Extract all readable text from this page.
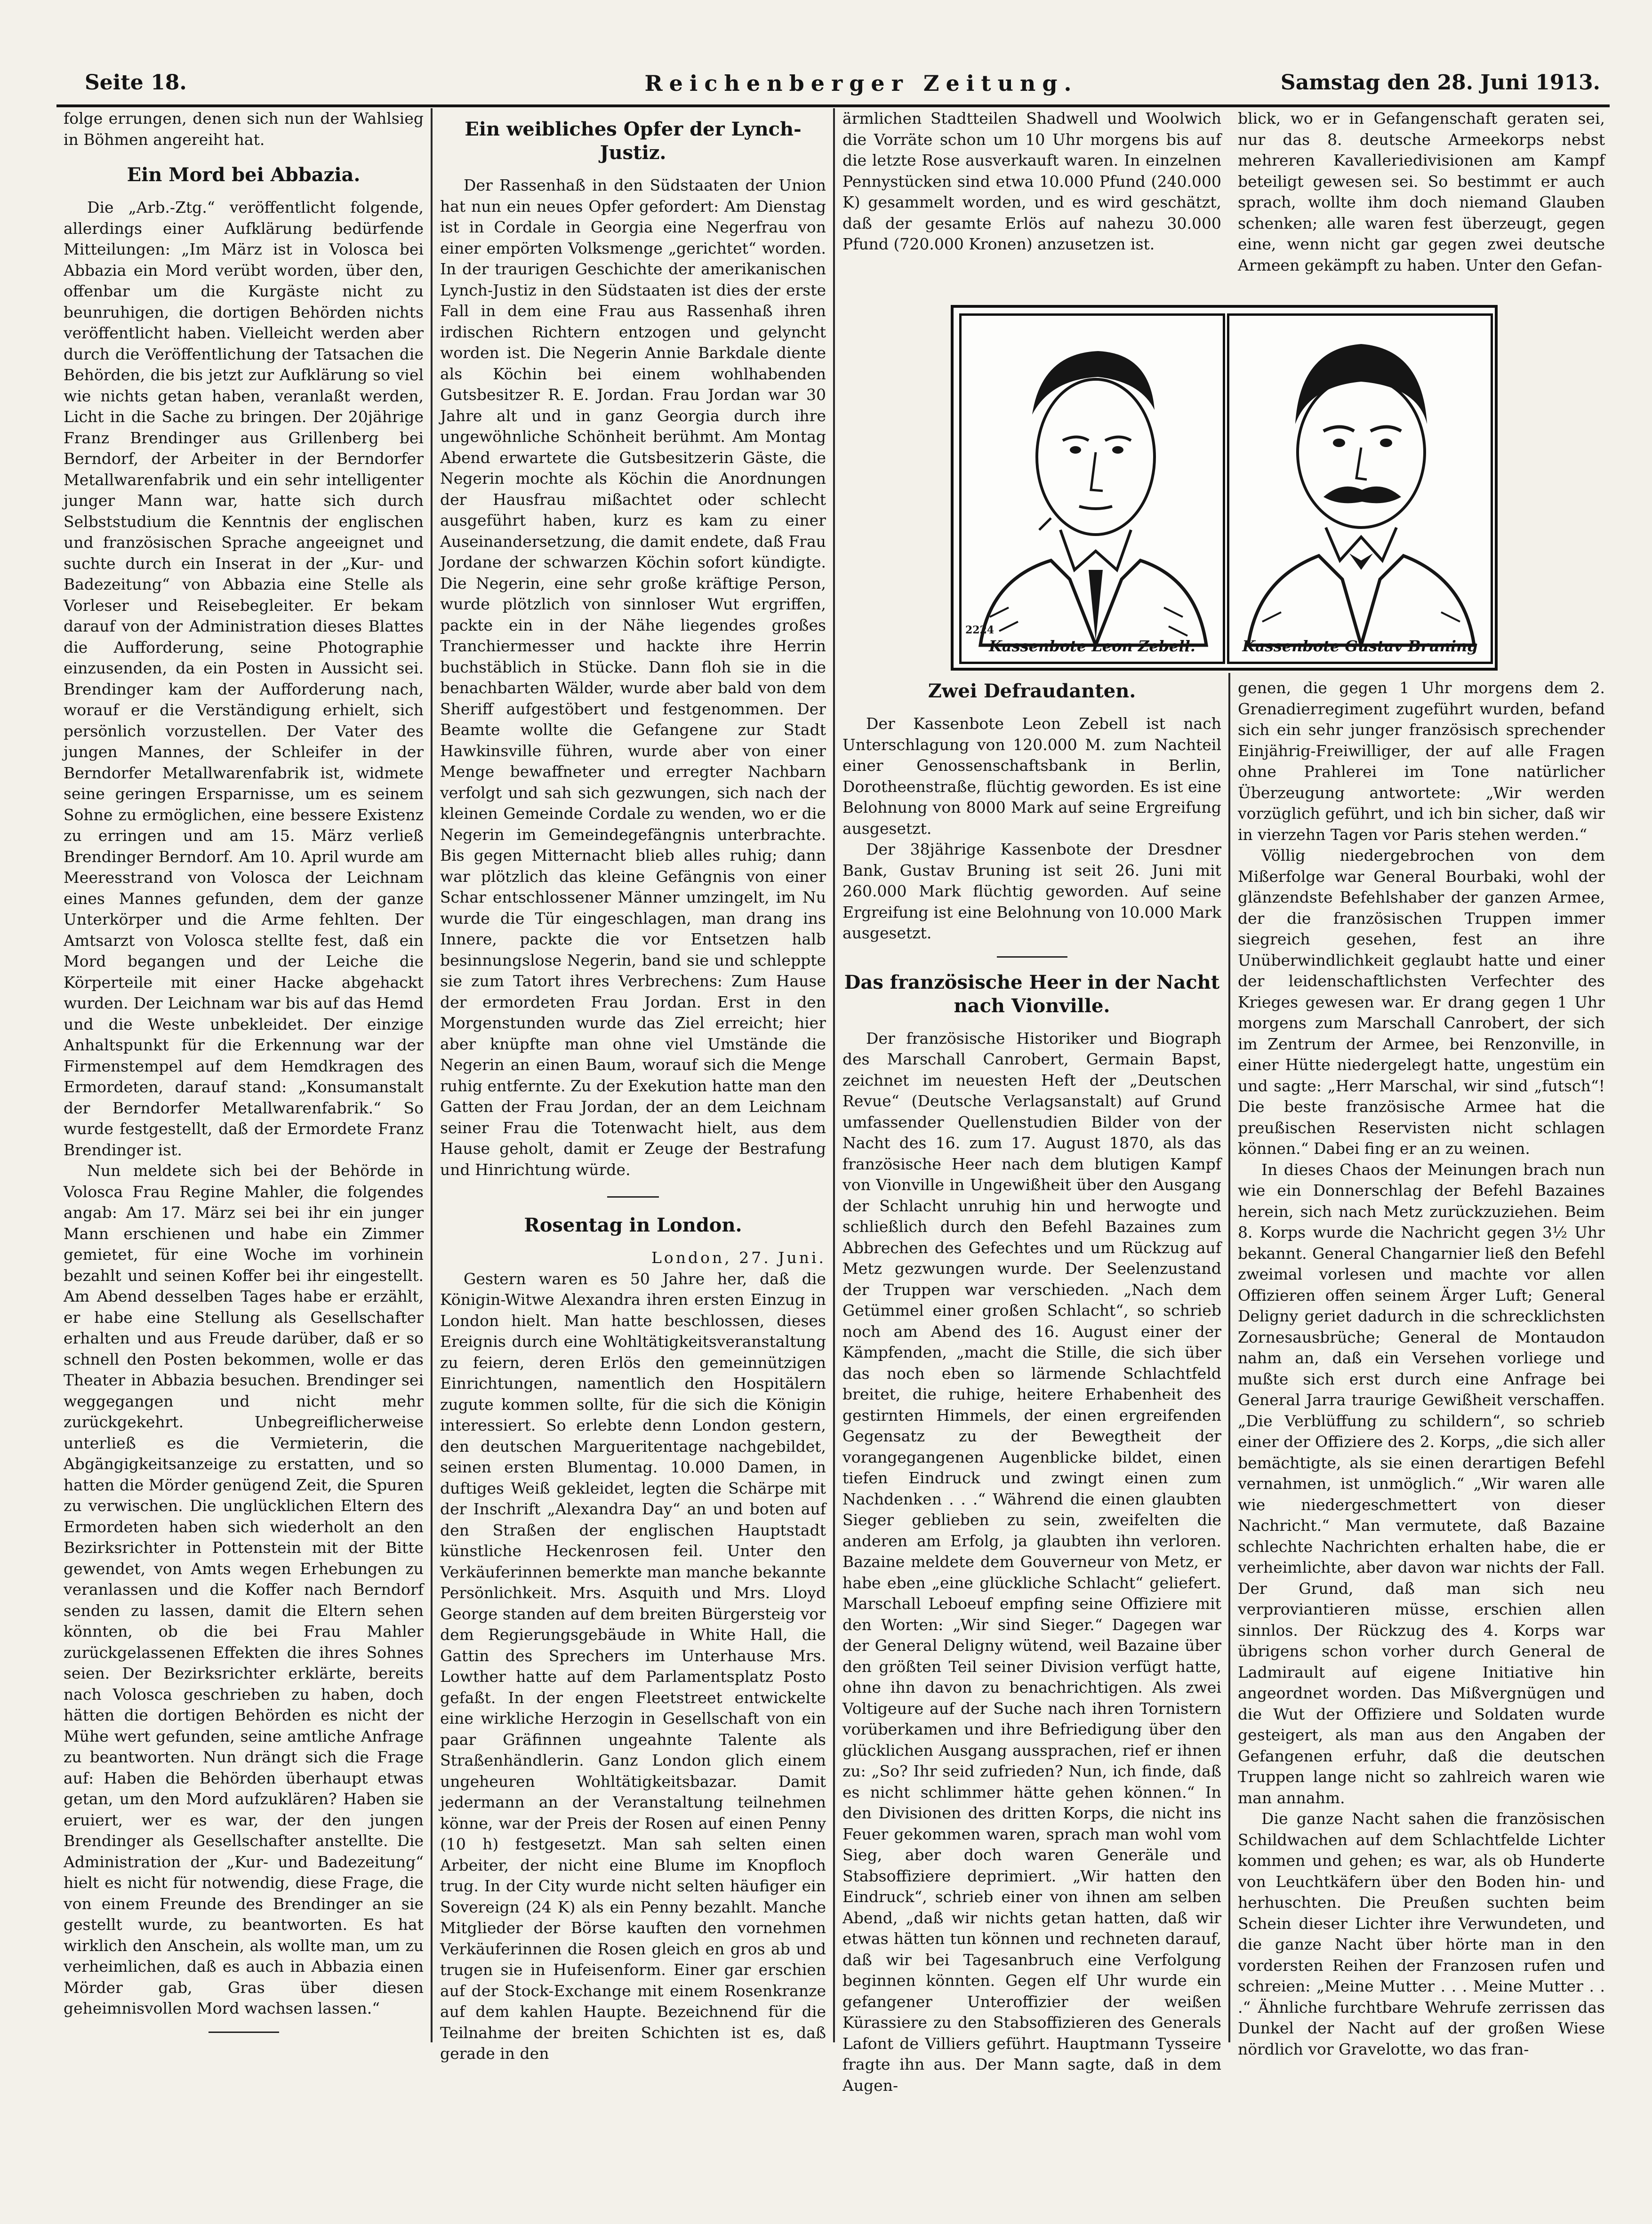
Seite 18.	Reichenberger Zeitung.	Samstag den 28. Juni 1913.

folge errungen, denen sich nun der Wahlsieg in Böhmen angereiht hat.

Ein Mord bei Abbazia.

Die „Arb.-Ztg.“ veröffentlicht folgende, allerdings einer Aufklärung bedürfende Mitteilungen: „Im März ist in Volosca bei Abbazia ein Mord verübt worden, über den, offenbar um die Kurgäste nicht zu beunruhigen, die dortigen Behörden nichts veröffentlicht haben. Vielleicht werden aber durch die Veröffentlichung der Tatsachen die Behörden, die bis jetzt zur Aufklärung so viel wie nichts getan haben, veranlaßt werden, Licht in die Sache zu bringen. Der 20jährige Franz Brendinger aus Grillenberg bei Berndorf, der Arbeiter in der Berndorfer Metallwarenfabrik und ein sehr intelligenter junger Mann war, hatte sich durch Selbststudium die Kenntnis der englischen und französischen Sprache angeeignet und suchte durch ein Inserat in der „Kur- und Badezeitung“ von Abbazia eine Stelle als Vorleser und Reisebegleiter. Er bekam darauf von der Administration dieses Blattes die Aufforderung, seine Photographie einzusenden, da ein Posten in Aussicht sei. Brendinger kam der Aufforderung nach, worauf er die Verständigung erhielt, sich persönlich vorzustellen. Der Vater des jungen Mannes, der Schleifer in der Berndorfer Metallwarenfabrik ist, widmete seine geringen Ersparnisse, um es seinem Sohne zu ermöglichen, eine bessere Existenz zu erringen und am 15. März verließ Brendinger Berndorf. Am 10. April wurde am Meeresstrand von Volosca der Leichnam eines Mannes gefunden, dem der ganze Unterkörper und die Arme fehlten. Der Amtsarzt von Volosca stellte fest, daß ein Mord begangen und der Leiche die Körperteile mit einer Hacke abgehackt wurden. Der Leichnam war bis auf das Hemd und die Weste unbekleidet. Der einzige Anhaltspunkt für die Erkennung war der Firmenstempel auf dem Hemdkragen des Ermordeten, darauf stand: „Konsumanstalt der Berndorfer Metallwarenfabrik.“ So wurde festgestellt, daß der Ermordete Franz Brendinger ist.

Nun meldete sich bei der Behörde in Volosca Frau Regine Mahler, die folgendes angab: Am 17. März sei bei ihr ein junger Mann erschienen und habe ein Zimmer gemietet, für eine Woche im vorhinein bezahlt und seinen Koffer bei ihr eingestellt. Am Abend desselben Tages habe er erzählt, er habe eine Stellung als Gesellschafter erhalten und aus Freude darüber, daß er so schnell den Posten bekommen, wolle er das Theater in Abbazia besuchen. Brendinger sei weggegangen und nicht mehr zurückgekehrt. Unbegreiflicherweise unterließ es die Vermieterin, die Abgängigkeitsanzeige zu erstatten, und so hatten die Mörder genügend Zeit, die Spuren zu verwischen. Die unglücklichen Eltern des Ermordeten haben sich wiederholt an den Bezirksrichter in Pottenstein mit der Bitte gewendet, von Amts wegen Erhebungen zu veranlassen und die Koffer nach Berndorf senden zu lassen, damit die Eltern sehen könnten, ob die bei Frau Mahler zurückgelassenen Effekten die ihres Sohnes seien. Der Bezirksrichter erklärte, bereits nach Volosca geschrieben zu haben, doch hätten die dortigen Behörden es nicht der Mühe wert gefunden, seine amtliche Anfrage zu beantworten. Nun drängt sich die Frage auf: Haben die Behörden überhaupt etwas getan, um den Mord aufzuklären? Haben sie eruiert, wer es war, der den jungen Brendinger als Gesellschafter anstellte. Die Administration der „Kur- und Badezeitung“ hielt es nicht für notwendig, diese Frage, die von einem Freunde des Brendinger an sie gestellt wurde, zu beantworten. Es hat wirklich den Anschein, als wollte man, um zu verheimlichen, daß es auch in Abbazia einen Mörder gab, Gras über diesen geheimnisvollen Mord wachsen lassen.“

Ein weibliches Opfer der Lynch-Justiz.

Der Rassenhaß in den Südstaaten der Union hat nun ein neues Opfer gefordert: Am Dienstag ist in Cordale in Georgia eine Negerfrau von einer empörten Volksmenge „gerichtet“ worden. In der traurigen Geschichte der amerikanischen Lynch-Justiz in den Südstaaten ist dies der erste Fall in dem eine Frau aus Rassenhaß ihren irdischen Richtern entzogen und gelyncht worden ist. Die Negerin Annie Barkdale diente als Köchin bei einem wohlhabenden Gutsbesitzer R. E. Jordan. Frau Jordan war 30 Jahre alt und in ganz Georgia durch ihre ungewöhnliche Schönheit berühmt. Am Montag Abend erwartete die Gutsbesitzerin Gäste, die Negerin mochte als Köchin die Anordnungen der Hausfrau mißachtet oder schlecht ausgeführt haben, kurz es kam zu einer Auseinandersetzung, die damit endete, daß Frau Jordane der schwarzen Köchin sofort kündigte. Die Negerin, eine sehr große kräftige Person, wurde plötzlich von sinnloser Wut ergriffen, packte ein in der Nähe liegendes großes Tranchiermesser und hackte ihre Herrin buchstäblich in Stücke. Dann floh sie in die benachbarten Wälder, wurde aber bald von dem Sheriff aufgestöbert und festgenommen. Der Beamte wollte die Gefangene zur Stadt Hawkinsville führen, wurde aber von einer Menge bewaffneter und erregter Nachbarn verfolgt und sah sich gezwungen, sich nach der kleinen Gemeinde Cordale zu wenden, wo er die Negerin im Gemeindegefängnis unterbrachte. Bis gegen Mitternacht blieb alles ruhig; dann war plötzlich das kleine Gefängnis von einer Schar entschlossener Männer umzingelt, im Nu wurde die Tür eingeschlagen, man drang ins Innere, packte die vor Entsetzen halb besinnungslose Negerin, band sie und schleppte sie zum Tatort ihres Verbrechens: Zum Hause der ermordeten Frau Jordan. Erst in den Morgenstunden wurde das Ziel erreicht; hier aber knüpfte man ohne viel Umstände die Negerin an einen Baum, worauf sich die Menge ruhig entfernte. Zu der Exekution hatte man den Gatten der Frau Jordan, der an dem Leichnam seiner Frau die Totenwacht hielt, aus dem Hause geholt, damit er Zeuge der Bestrafung und Hinrichtung würde.

Rosentag in London.

London, 27. Juni.

Gestern waren es 50 Jahre her, daß die Königin-Witwe Alexandra ihren ersten Einzug in London hielt. Man hatte beschlossen, dieses Ereignis durch eine Wohltätigkeitsveranstaltung zu feiern, deren Erlös den gemeinnützigen Einrichtungen, namentlich den Hospitälern zugute kommen sollte, für die sich die Königin interessiert. So erlebte denn London gestern, den deutschen Margueritentage nachgebildet, seinen ersten Blumentag. 10.000 Damen, in duftiges Weiß gekleidet, legten die Schärpe mit der Inschrift „Alexandra Day“ an und boten auf den Straßen der englischen Hauptstadt künstliche Heckenrosen feil. Unter den Verkäuferinnen bemerkte man manche bekannte Persönlichkeit. Mrs. Asquith und Mrs. Lloyd George standen auf dem breiten Bürgersteig vor dem Regierungsgebäude in White Hall, die Gattin des Sprechers im Unterhause Mrs. Lowther hatte auf dem Parlamentsplatz Posto gefaßt. In der engen Fleetstreet entwickelte eine wirkliche Herzogin in Gesellschaft von ein paar Gräfinnen ungeahnte Talente als Straßenhändlerin. Ganz London glich einem ungeheuren Wohltätigkeitsbazar. Damit jedermann an der Veranstaltung teilnehmen könne, war der Preis der Rosen auf einen Penny (10 h) festgesetzt. Man sah selten einen Arbeiter, der nicht eine Blume im Knopfloch trug. In der City wurde nicht selten häufiger ein Sovereign (24 K) als ein Penny bezahlt. Manche Mitglieder der Börse kauften den vornehmen Verkäuferinnen die Rosen gleich en gros ab und trugen sie in Hufeisenform. Einer gar erschien auf der Stock-Exchange mit einem Rosenkranze auf dem kahlen Haupte. Bezeichnend für die Teilnahme der breiten Schichten ist es, daß gerade in den

ärmlichen Stadtteilen Shadwell und Woolwich die Vorräte schon um 10 Uhr morgens bis auf die letzte Rose ausverkauft waren. In einzelnen Pennystücken sind etwa 10.000 Pfund (240.000 K) gesammelt worden, und es wird geschätzt, daß der gesamte Erlös auf nahezu 30.000 Pfund (720.000 Kronen) anzusetzen ist.

blick, wo er in Gefangenschaft geraten sei, nur das 8. deutsche Armeekorps nebst mehreren Kavalleriedivisionen am Kampf beteiligt gewesen sei. So bestimmt er auch sprach, wollte ihm doch niemand Glauben schenken; alle waren fest überzeugt, gegen eine, wenn nicht gar gegen zwei deutsche Armeen gekämpft zu haben. Unter den Gefan-

2224
Kassenbote Leon Zebell.	Kassenbote Gustav Bruning
Zwei Defraudanten.

Der Kassenbote Leon Zebell ist nach Unterschlagung von 120.000 M. zum Nachteil einer Genossenschaftsbank in Berlin, Dorotheenstraße, flüchtig geworden. Es ist eine Belohnung von 8000 Mark auf seine Ergreifung ausgesetzt.

Der 38jährige Kassenbote der Dresdner Bank, Gustav Bruning ist seit 26. Juni mit 260.000 Mark flüchtig geworden. Auf seine Ergreifung ist eine Belohnung von 10.000 Mark ausgesetzt.

Das französische Heer in der Nacht nach Vionville.

Der französische Historiker und Biograph des Marschall Canrobert, Germain Bapst, zeichnet im neuesten Heft der „Deutschen Revue“ (Deutsche Verlagsanstalt) auf Grund umfassender Quellenstudien Bilder von der Nacht des 16. zum 17. August 1870, als das französische Heer nach dem blutigen Kampf von Vionville in Ungewißheit über den Ausgang der Schlacht unruhig hin und herwogte und schließlich durch den Befehl Bazaines zum Abbrechen des Gefechtes und um Rückzug auf Metz gezwungen wurde. Der Seelenzustand der Truppen war verschieden. „Nach dem Getümmel einer großen Schlacht“, so schrieb noch am Abend des 16. August einer der Kämpfenden, „macht die Stille, die sich über das noch eben so lärmende Schlachtfeld breitet, die ruhige, heitere Erhabenheit des gestirnten Himmels, der einen ergreifenden Gegensatz zu der Bewegtheit der vorangegangenen Augenblicke bildet, einen tiefen Eindruck und zwingt einen zum Nachdenken . . .“ Während die einen glaubten Sieger geblieben zu sein, zweifelten die anderen am Erfolg, ja glaubten ihn verloren. Bazaine meldete dem Gouverneur von Metz, er habe eben „eine glückliche Schlacht“ geliefert. Marschall Leboeuf empfing seine Offiziere mit den Worten: „Wir sind Sieger.“ Dagegen war der General Deligny wütend, weil Bazaine über den größten Teil seiner Division verfügt hatte, ohne ihn davon zu benachrichtigen. Als zwei Voltigeure auf der Suche nach ihren Tornistern vorüberkamen und ihre Befriedigung über den glücklichen Ausgang aussprachen, rief er ihnen zu: „So? Ihr seid zufrieden? Nun, ich finde, daß es nicht schlimmer hätte gehen können.“ In den Divisionen des dritten Korps, die nicht ins Feuer gekommen waren, sprach man wohl vom Sieg, aber doch waren Generäle und Stabsoffiziere deprimiert. „Wir hatten den Eindruck“, schrieb einer von ihnen am selben Abend, „daß wir nichts getan hatten, daß wir etwas hätten tun können und rechneten darauf, daß wir bei Tagesanbruch eine Verfolgung beginnen könnten. Gegen elf Uhr wurde ein gefangener Unteroffizier der weißen Kürassiere zu den Stabsoffizieren des Generals Lafont de Villiers geführt. Hauptmann Tysseire fragte ihn aus. Der Mann sagte, daß in dem Augen-

genen, die gegen 1 Uhr morgens dem 2. Grenadierregiment zugeführt wurden, befand sich ein sehr junger französisch sprechender Einjährig-Freiwilliger, der auf alle Fragen ohne Prahlerei im Tone natürlicher Überzeugung antwortete: „Wir werden vorzüglich geführt, und ich bin sicher, daß wir in vierzehn Tagen vor Paris stehen werden.“

Völlig niedergebrochen von dem Mißerfolge war General Bourbaki, wohl der glänzendste Befehlshaber der ganzen Armee, der die französischen Truppen immer siegreich gesehen, fest an ihre Unüberwindlichkeit geglaubt hatte und einer der leidenschaftlichsten Verfechter des Krieges gewesen war. Er drang gegen 1 Uhr morgens zum Marschall Canrobert, der sich im Zentrum der Armee, bei Renzonville, in einer Hütte niedergelegt hatte, ungestüm ein und sagte: „Herr Marschal, wir sind „futsch“! Die beste französische Armee hat die preußischen Reservisten nicht schlagen können.“ Dabei fing er an zu weinen.

In dieses Chaos der Meinungen brach nun wie ein Donnerschlag der Befehl Bazaines herein, sich nach Metz zurückzuziehen. Beim 8. Korps wurde die Nachricht gegen 3½ Uhr bekannt. General Changarnier ließ den Befehl zweimal vorlesen und machte vor allen Offizieren offen seinem Ärger Luft; General Deligny geriet dadurch in die schrecklichsten Zornesausbrüche; General de Montaudon nahm an, daß ein Versehen vorliege und mußte sich erst durch eine Anfrage bei General Jarra traurige Gewißheit verschaffen. „Die Verblüffung zu schildern“, so schrieb einer der Offiziere des 2. Korps, „die sich aller bemächtigte, als sie einen derartigen Befehl vernahmen, ist unmöglich.“ „Wir waren alle wie niedergeschmettert von dieser Nachricht.“ Man vermutete, daß Bazaine schlechte Nachrichten erhalten habe, die er verheimlichte, aber davon war nichts der Fall. Der Grund, daß man sich neu verproviantieren müsse, erschien allen sinnlos. Der Rückzug des 4. Korps war übrigens schon vorher durch General de Ladmirault auf eigene Initiative hin angeordnet worden. Das Mißvergnügen und die Wut der Offiziere und Soldaten wurde gesteigert, als man aus den Angaben der Gefangenen erfuhr, daß die deutschen Truppen lange nicht so zahlreich waren wie man annahm.

Die ganze Nacht sahen die französischen Schildwachen auf dem Schlachtfelde Lichter kommen und gehen; es war, als ob Hunderte von Leuchtkäfern über den Boden hin- und herhuschten. Die Preußen suchten beim Schein dieser Lichter ihre Verwundeten, und die ganze Nacht über hörte man in den vordersten Reihen der Franzosen rufen und schreien: „Meine Mutter . . . Meine Mutter . . .“ Ähnliche furchtbare Wehrufe zerrissen das Dunkel der Nacht auf der großen Wiese nördlich vor Gravelotte, wo das fran-
